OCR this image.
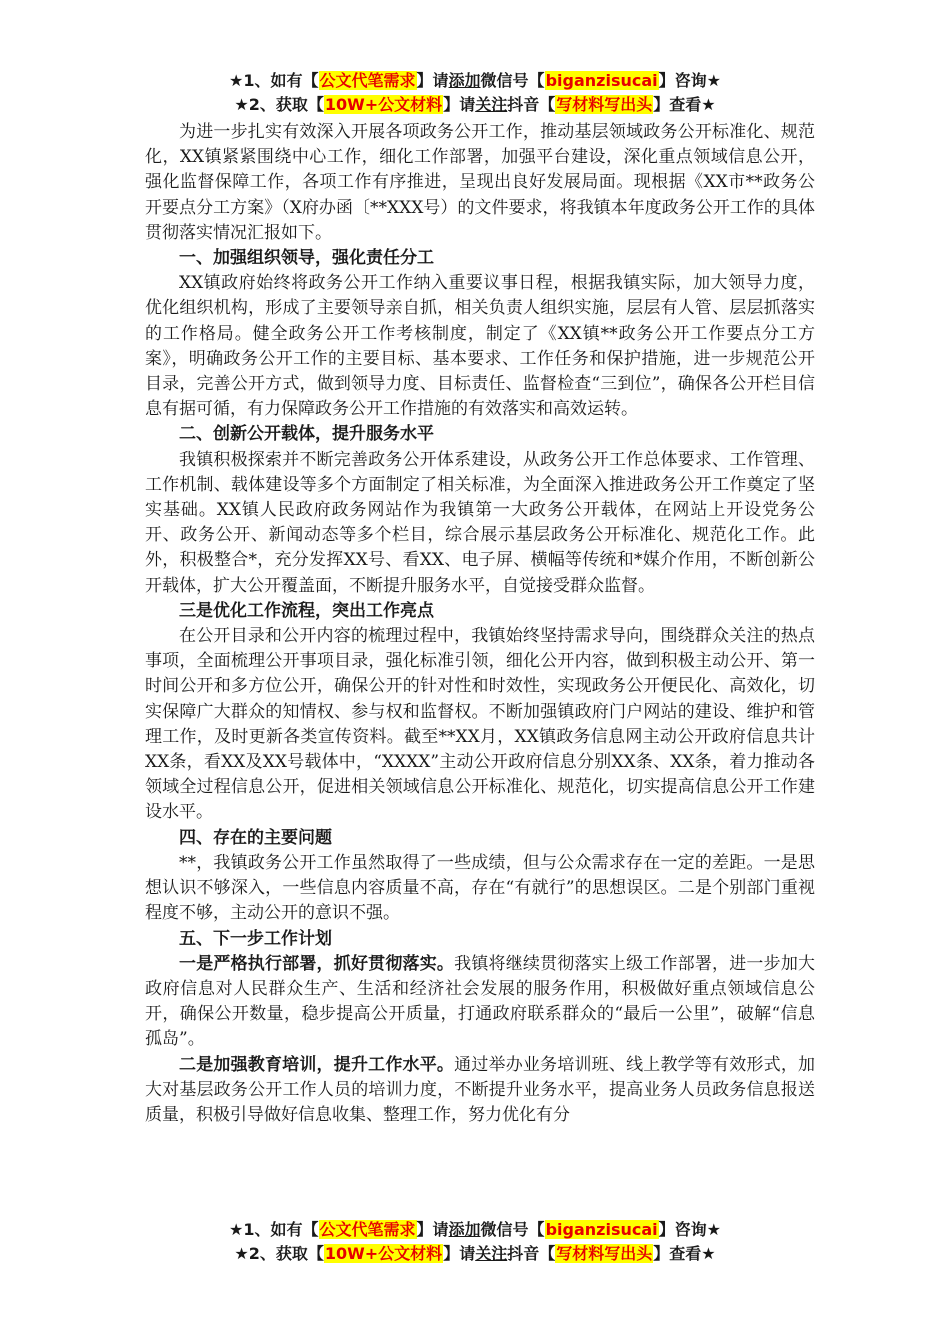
★1、如有【公文代笔需求】请添加微信号【biganzisucai】咨询★
★2、获取【10W+公文材料】请关注抖音【写材料写出头】查看★

为进一步扎实有效深入开展各项政务公开工作，推动基层领域政务公开标准化、规范化，XX镇紧紧围绕中心工作，细化工作部署，加强平台建设，深化重点领域信息公开，强化监督保障工作，各项工作有序推进，呈现出良好发展局面。现根据《XX市**政务公开要点分工方案》（X府办函〔**XXX号）的文件要求，将我镇本年度政务公开工作的具体贯彻落实情况汇报如下。

一、加强组织领导，强化责任分工

XX镇政府始终将政务公开工作纳入重要议事日程，根据我镇实际，加大领导力度，优化组织机构，形成了主要领导亲自抓，相关负责人组织实施，层层有人管、层层抓落实的工作格局。健全政务公开工作考核制度，制定了《XX镇**政务公开工作要点分工方案》，明确政务公开工作的主要目标、基本要求、工作任务和保护措施，进一步规范公开目录，完善公开方式，做到领导力度、目标责任、监督检查“三到位”，确保各公开栏目信息有据可循，有力保障政务公开工作措施的有效落实和高效运转。

二、创新公开载体，提升服务水平

我镇积极探索并不断完善政务公开体系建设，从政务公开工作总体要求、工作管理、工作机制、载体建设等多个方面制定了相关标准，为全面深入推进政务公开工作奠定了坚实基础。XX镇人民政府政务网站作为我镇第一大政务公开载体，在网站上开设党务公开、政务公开、新闻动态等多个栏目，综合展示基层政务公开标准化、规范化工作。此外，积极整合*，充分发挥XX号、看XX、电子屏、横幅等传统和*媒介作用，不断创新公开载体，扩大公开覆盖面，不断提升服务水平，自觉接受群众监督。

三是优化工作流程，突出工作亮点

在公开目录和公开内容的梳理过程中，我镇始终坚持需求导向，围绕群众关注的热点事项，全面梳理公开事项目录，强化标准引领，细化公开内容，做到积极主动公开、第一时间公开和多方位公开，确保公开的针对性和时效性，实现政务公开便民化、高效化，切实保障广大群众的知情权、参与权和监督权。不断加强镇政府门户网站的建设、维护和管理工作，及时更新各类宣传资料。截至**XX月，XX镇政务信息网主动公开政府信息共计XX条，看XX及XX号载体中，“XXXX”主动公开政府信息分别XX条、XX条，着力推动各领域全过程信息公开，促进相关领域信息公开标准化、规范化，切实提高信息公开工作建设水平。

四、存在的主要问题

**，我镇政务公开工作虽然取得了一些成绩，但与公众需求存在一定的差距。一是思想认识不够深入，一些信息内容质量不高，存在“有就行”的思想误区。二是个别部门重视程度不够，主动公开的意识不强。

五、下一步工作计划

一是严格执行部署，抓好贯彻落实。我镇将继续贯彻落实上级工作部署，进一步加大政府信息对人民群众生产、生活和经济社会发展的服务作用，积极做好重点领域信息公开，确保公开数量，稳步提高公开质量，打通政府联系群众的“最后一公里”，破解“信息孤岛”。

二是加强教育培训，提升工作水平。通过举办业务培训班、线上教学等有效形式，加大对基层政务公开工作人员的培训力度，不断提升业务水平，提高业务人员政务信息报送质量，积极引导做好信息收集、整理工作，努力优化有分

★1、如有【公文代笔需求】请添加微信号【biganzisucai】咨询★
★2、获取【10W+公文材料】请关注抖音【写材料写出头】查看★
